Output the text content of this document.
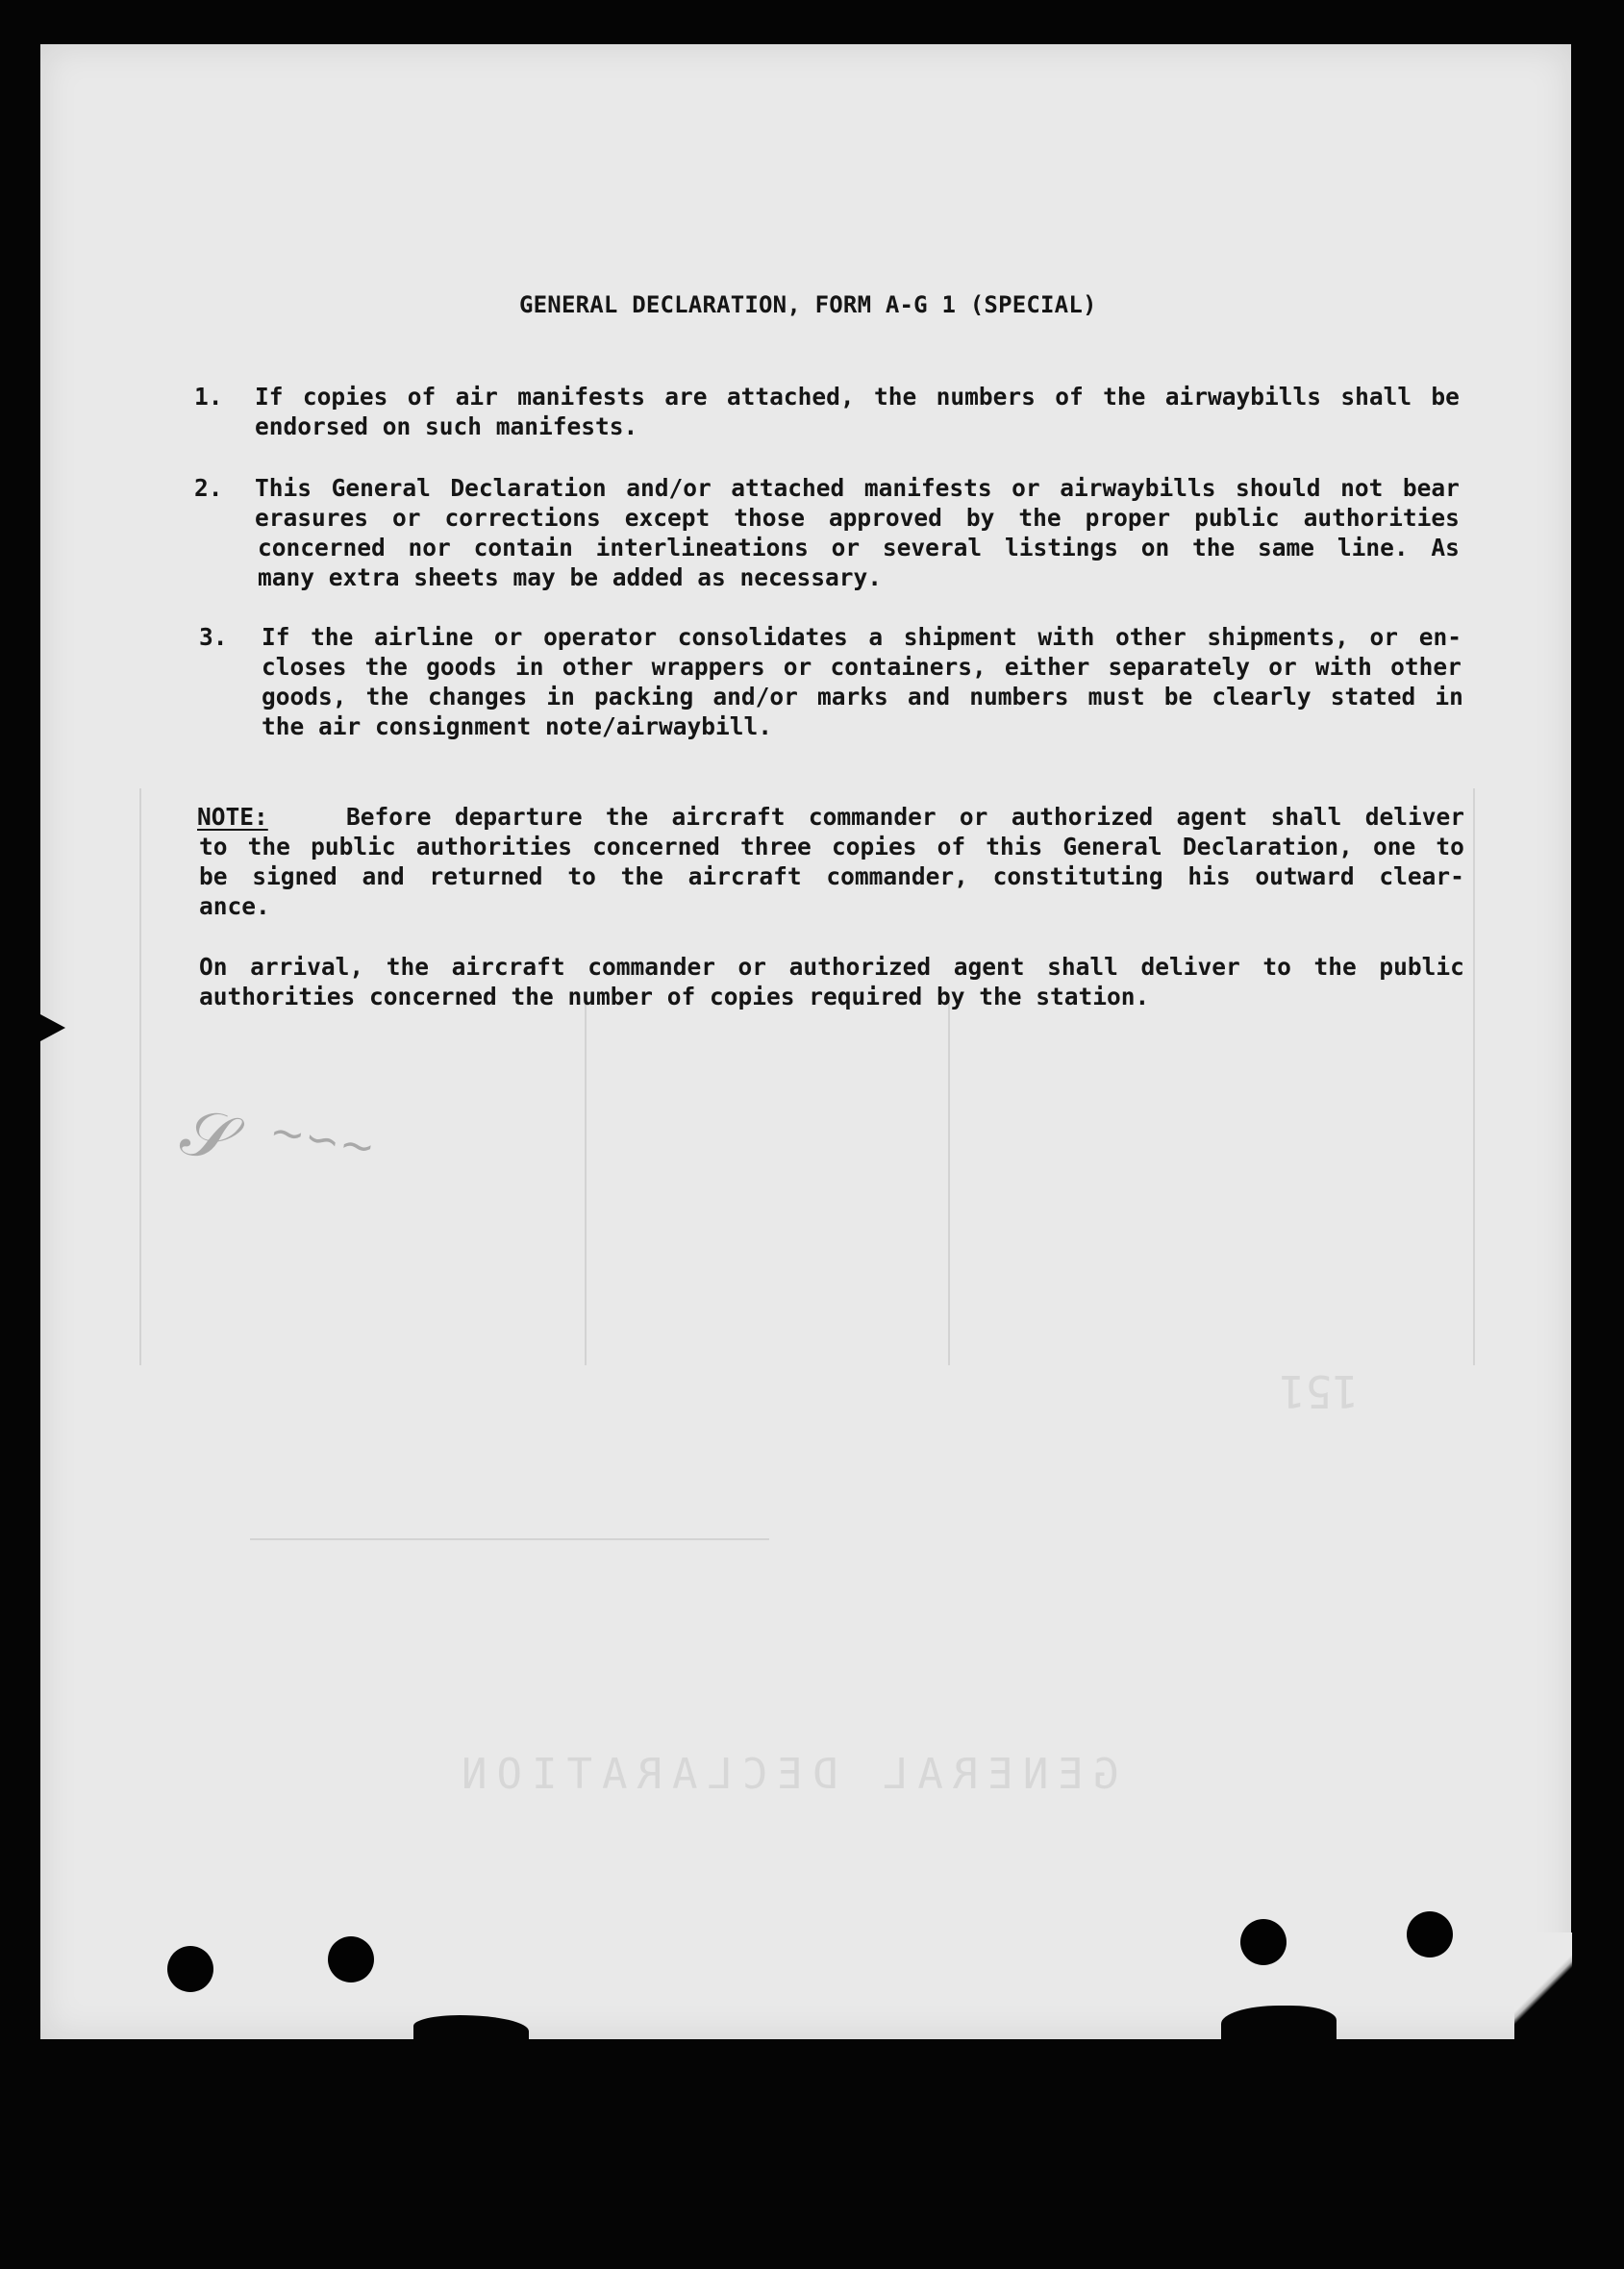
GENERAL DECLARATION
151
𝒮 ∼∽∼
GENERAL DECLARATION, FORM A-G 1 (SPECIAL)
1. If copies of air manifests are attached, the numbers of the airwaybills shall be
endorsed on such manifests.
2. This General Declaration and/or attached manifests or airwaybills should not bear
erasures or corrections except those approved by the proper public authorities
concerned nor contain interlineations or several listings on the same line. As
many extra sheets may be added as necessary.
3. If the airline or operator consolidates a shipment with other shipments, or en-
closes the goods in other wrappers or containers, either separately or with other
goods, the changes in packing and/or marks and numbers must be clearly stated in
the air consignment note/airwaybill.
NOTE:	Before departure the aircraft commander or authorized agent shall deliver
to the public authorities concerned three copies of this General Declaration, one to
be signed and returned to the aircraft commander, constituting his outward clear-
ance.
On arrival, the aircraft commander or authorized agent shall deliver to the public
authorities concerned the number of copies required by the station.
